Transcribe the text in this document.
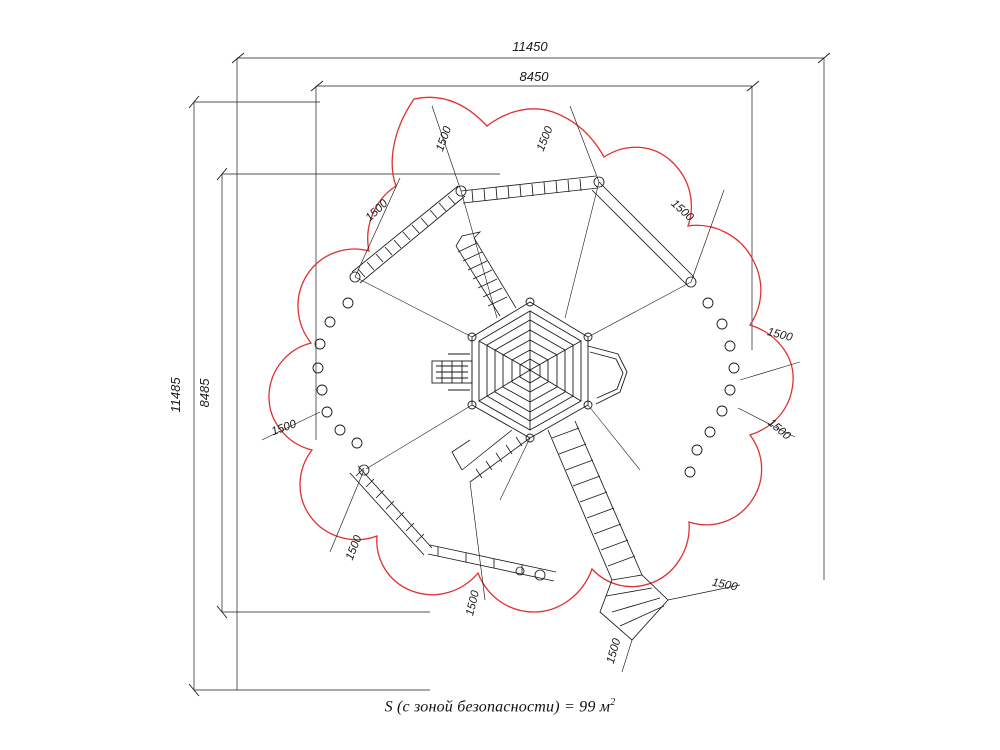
11450
8450
11485 8485
1500	1500
1500	1500
1500
1500	1500
1500
1500
1500
1500
S (с зоной безопасности) = 99 $м^2$
